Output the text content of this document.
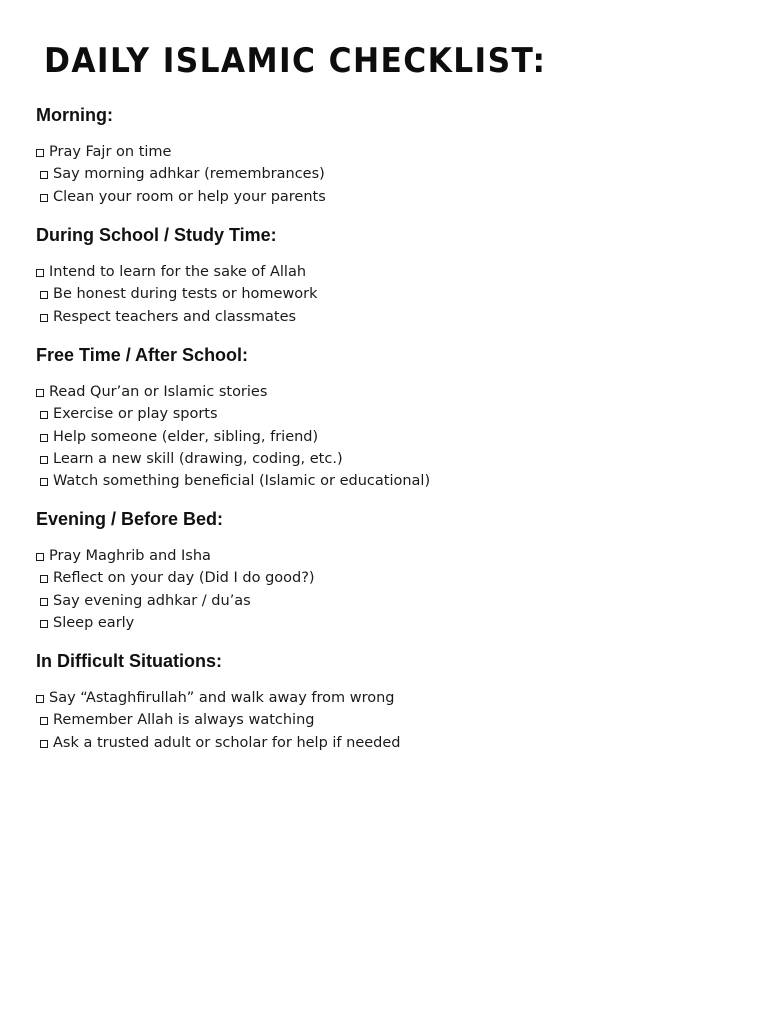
DAILY ISLAMIC CHECKLIST:
Morning:
Pray Fajr on time
Say morning adhkar (remembrances)
Clean your room or help your parents
During School / Study Time:
Intend to learn for the sake of Allah
Be honest during tests or homework
Respect teachers and classmates
Free Time / After School:
Read Qur’an or Islamic stories
Exercise or play sports
Help someone (elder, sibling, friend)
Learn a new skill (drawing, coding, etc.)
Watch something beneficial (Islamic or educational)
Evening / Before Bed:
Pray Maghrib and Isha
Reflect on your day (Did I do good?)
Say evening adhkar / du’as
Sleep early
In Difficult Situations:
Say “Astaghfirullah” and walk away from wrong
Remember Allah is always watching
Ask a trusted adult or scholar for help if needed
